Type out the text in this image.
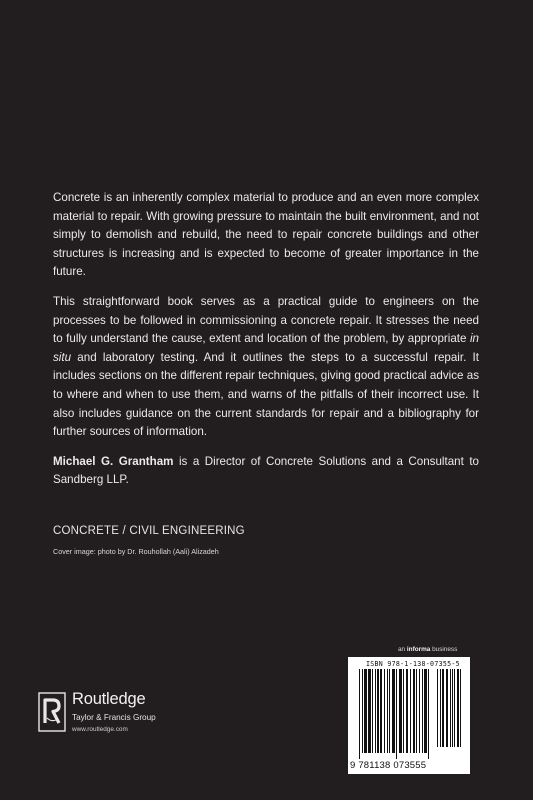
Concrete is an inherently complex material to produce and an even more complex material to repair. With growing pressure to maintain the built environment, and not simply to demolish and rebuild, the need to repair concrete buildings and other structures is increasing and is expected to become of greater importance in the future.

This straightforward book serves as a practical guide to engineers on the processes to be followed in commissioning a concrete repair. It stresses the need to fully understand the cause, extent and location of the problem, by appropriate in situ and laboratory testing. And it outlines the steps to a successful repair. It includes sections on the different repair techniques, giving good practical advice as to where and when to use them, and warns of the pitfalls of their incorrect use. It also includes guidance on the current standards for repair and a bibliography for further sources of information.

Michael G. Grantham is a Director of Concrete Solutions and a Consultant to Sandberg LLP.

CONCRETE / CIVIL ENGINEERING
Cover image: photo by Dr. Rouhollah (Aali) Alizadeh
Routledge
Taylor & Francis Group
www.routledge.com
an informa business
ISBN 978-1-138-07355-5
9 781138 073555
